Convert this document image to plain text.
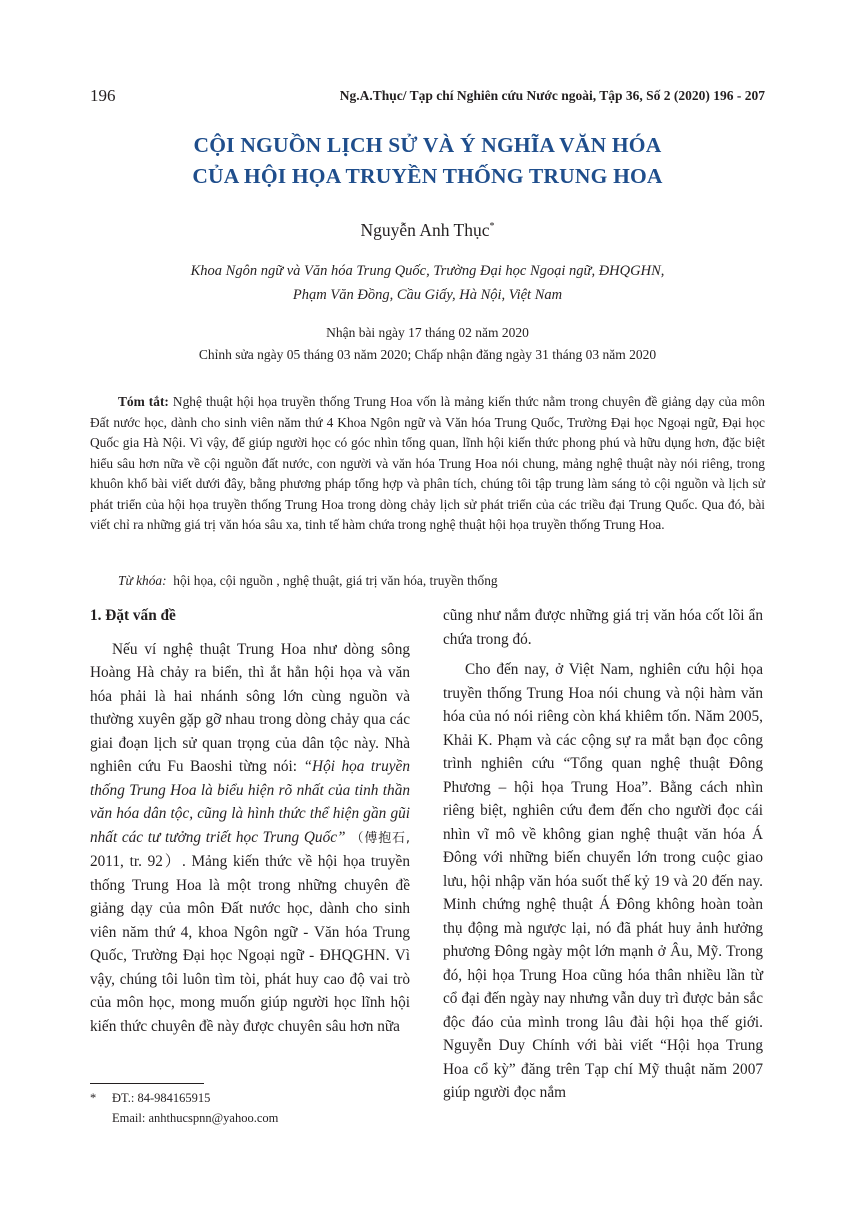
196	Ng.A.Thục/ Tạp chí Nghiên cứu Nước ngoài, Tập 36, Số 2 (2020) 196 - 207
CỘI NGUỒN LỊCH SỬ VÀ Ý NGHĨA VĂN HÓA
CỦA HỘI HỌA TRUYỀN THỐNG TRUNG HOA
Nguyễn Anh Thục*
Khoa Ngôn ngữ và Văn hóa Trung Quốc, Trường Đại học Ngoại ngữ, ĐHQGHN,
Phạm Văn Đồng, Cầu Giấy, Hà Nội, Việt Nam
Nhận bài ngày 17 tháng 02 năm 2020
Chỉnh sửa ngày 05 tháng 03 năm 2020; Chấp nhận đăng ngày 31 tháng 03 năm 2020
Tóm tắt: Nghệ thuật hội họa truyền thống Trung Hoa vốn là mảng kiến thức nằm trong chuyên đề giảng dạy của môn Đất nước học, dành cho sinh viên năm thứ 4 Khoa Ngôn ngữ và Văn hóa Trung Quốc, Trường Đại học Ngoại ngữ, Đại học Quốc gia Hà Nội. Vì vậy, để giúp người học có góc nhìn tổng quan, lĩnh hội kiến thức phong phú và hữu dụng hơn, đặc biệt hiểu sâu hơn nữa về cội nguồn đất nước, con người và văn hóa Trung Hoa nói chung, mảng nghệ thuật này nói riêng, trong khuôn khổ bài viết dưới đây, bằng phương pháp tổng hợp và phân tích, chúng tôi tập trung làm sáng tỏ cội nguồn và lịch sử phát triển của hội họa truyền thống Trung Hoa trong dòng chảy lịch sử phát triển của các triều đại Trung Quốc. Qua đó, bài viết chỉ ra những giá trị văn hóa sâu xa, tinh tế hàm chứa trong nghệ thuật hội họa truyền thống Trung Hoa.
Từ khóa: hội họa, cội nguồn , nghệ thuật, giá trị văn hóa, truyền thống
1. Đặt vấn đề

Nếu ví nghệ thuật Trung Hoa như dòng sông Hoàng Hà chảy ra biển, thì ắt hẳn hội họa và văn hóa phải là hai nhánh sông lớn cùng nguồn và thường xuyên gặp gỡ nhau trong dòng chảy qua các giai đoạn lịch sử quan trọng của dân tộc này. Nhà nghiên cứu Fu Baoshi từng nói: “Hội họa truyền thống Trung Hoa là biểu hiện rõ nhất của tinh thần văn hóa dân tộc, cũng là hình thức thể hiện gần gũi nhất các tư tưởng triết học Trung Quốc” （傅抱石, 2011, tr. 92）. Mảng kiến thức về hội họa truyền thống Trung Hoa là một trong những chuyên đề giảng dạy của môn Đất nước học, dành cho sinh viên năm thứ 4, khoa Ngôn ngữ - Văn hóa Trung Quốc, Trường Đại học Ngoại ngữ - ĐHQGHN. Vì vậy, chúng tôi luôn tìm tòi, phát huy cao độ vai trò của môn học, mong muốn giúp người học lĩnh hội kiến thức chuyên đề này được chuyên sâu hơn nữa

cũng như nắm được những giá trị văn hóa cốt lõi ẩn chứa trong đó.

Cho đến nay, ở Việt Nam, nghiên cứu hội họa truyền thống Trung Hoa nói chung và nội hàm văn hóa của nó nói riêng còn khá khiêm tốn. Năm 2005, Khải K. Phạm và các cộng sự ra mắt bạn đọc công trình nghiên cứu “Tổng quan nghệ thuật Đông Phương – hội họa Trung Hoa”. Bằng cách nhìn riêng biệt, nghiên cứu đem đến cho người đọc cái nhìn vĩ mô về không gian nghệ thuật văn hóa Á Đông với những biến chuyển lớn trong cuộc giao lưu, hội nhập văn hóa suốt thế kỷ 19 và 20 đến nay. Minh chứng nghệ thuật Á Đông không hoàn toàn thụ động mà ngược lại, nó đã phát huy ảnh hưởng phương Đông ngày một lớn mạnh ở Âu, Mỹ. Trong đó, hội họa Trung Hoa cũng hóa thân nhiều lần từ cổ đại đến ngày nay nhưng vẫn duy trì được bản sắc độc đáo của mình trong lâu đài hội họa thế giới. Nguyễn Duy Chính với bài viết “Hội họa Trung Hoa cổ kỳ” đăng trên Tạp chí Mỹ thuật năm 2007 giúp người đọc nắm

* ĐT.: 84-984165915
Email: anhthucspnn@yahoo.com
